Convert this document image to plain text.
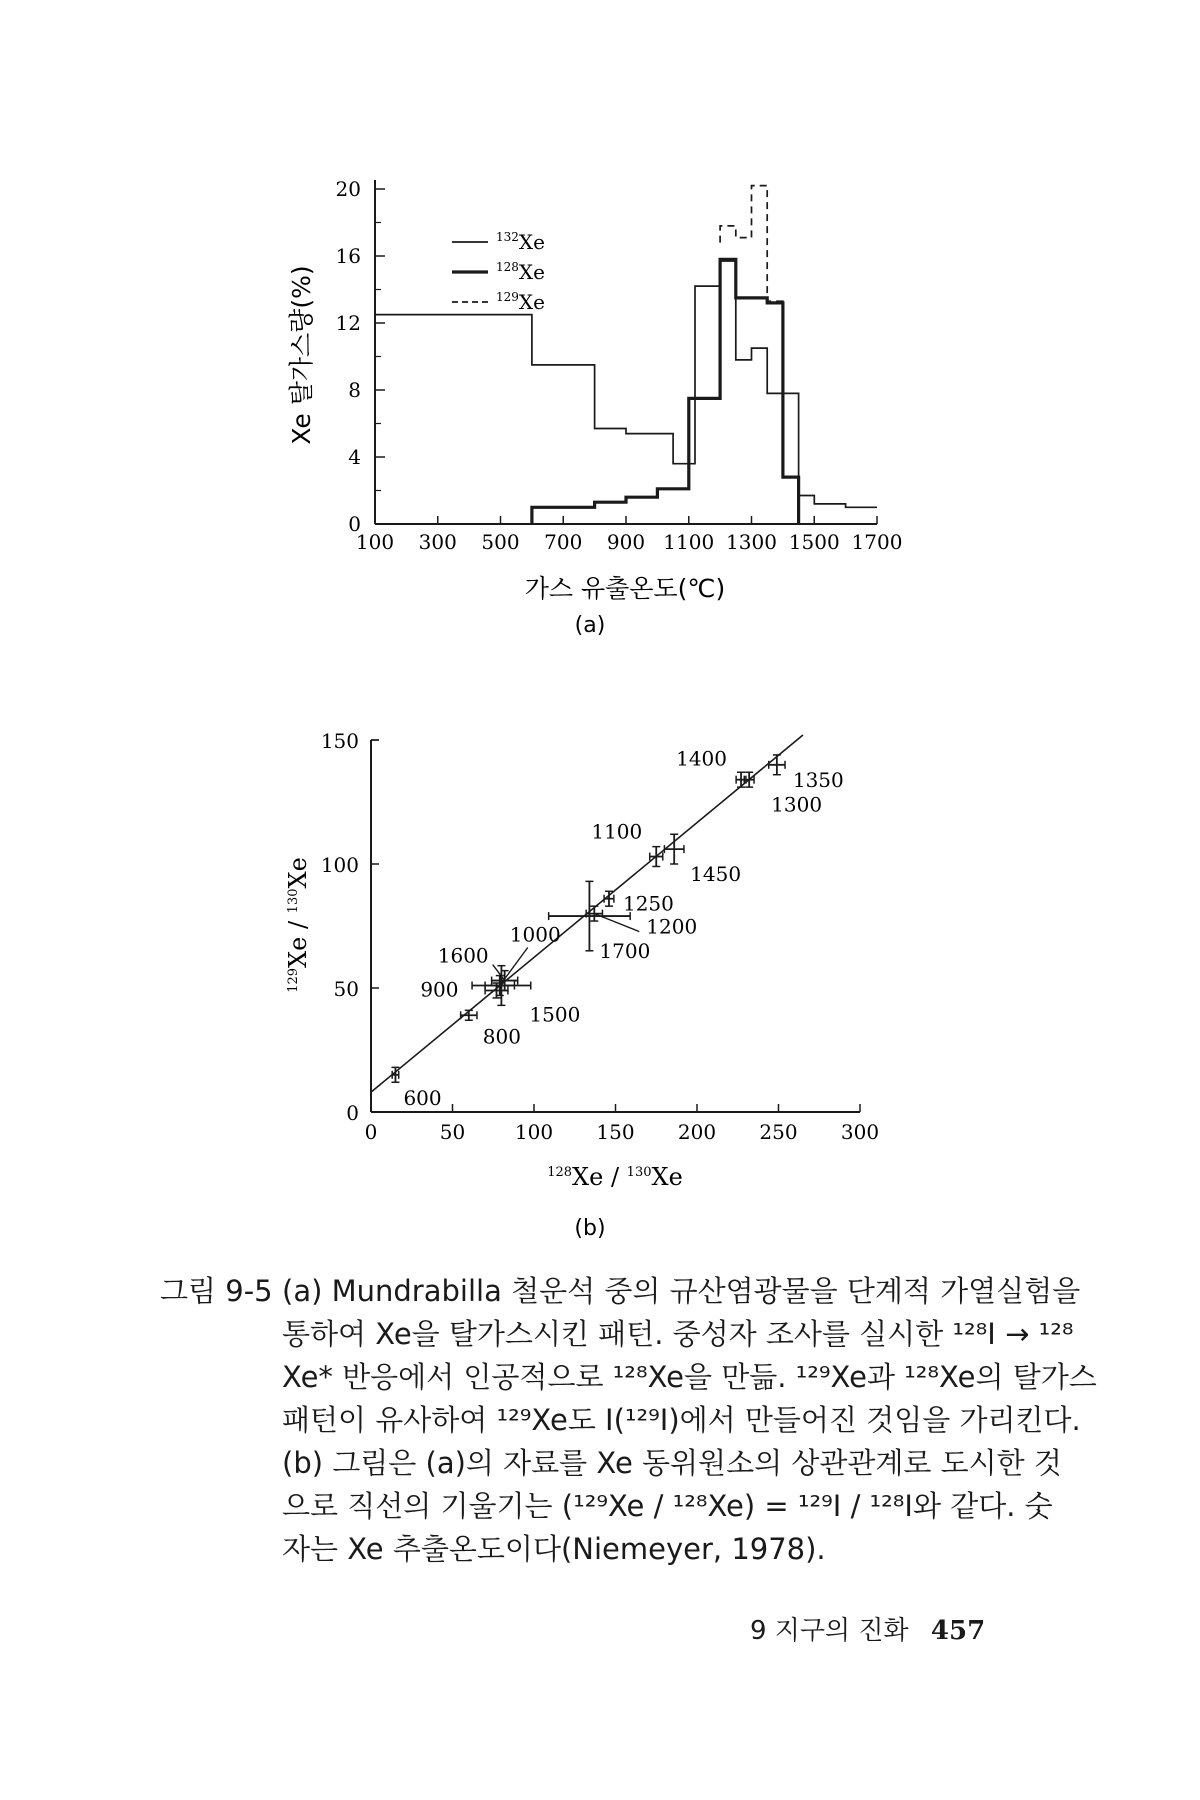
0
4
8
12
16
20
100 300 500 700 900 1100 1300 1500 1700
$^{132}$Xe
$^{128}$Xe
$^{129}$Xe
가스 유출온도(℃)
Xe 탈가스량(%)
(a)
0
50
100
150
0	50 100 150 200 250 300
600
800
900
1000
1500
1600	1700
1200
1250
1100
1450
1400
1300
1350
$^{128}$Xe / $^{130}$Xe
$^{129}$Xe / $^{130}$Xe
(b)
그림 9-5 (a) Mundrabilla 철운석 중의 규산염광물을 단계적 가열실험을
통하여 Xe을 탈가스시킨 패턴. 중성자 조사를 실시한 ¹²⁸I → ¹²⁸
Xe* 반응에서 인공적으로 ¹²⁸Xe을 만듦. ¹²⁹Xe과 ¹²⁸Xe의 탈가스
패턴이 유사하여 ¹²⁹Xe도 I(¹²⁹I)에서 만들어진 것임을 가리킨다.
(b) 그림은 (a)의 자료를 Xe 동위원소의 상관관계로 도시한 것
으로 직선의 기울기는 (¹²⁹Xe / ¹²⁸Xe) = ¹²⁹I / ¹²⁸I와 같다. 숫
자는 Xe 추출온도이다(Niemeyer, 1978).
9 지구의 진화 457
